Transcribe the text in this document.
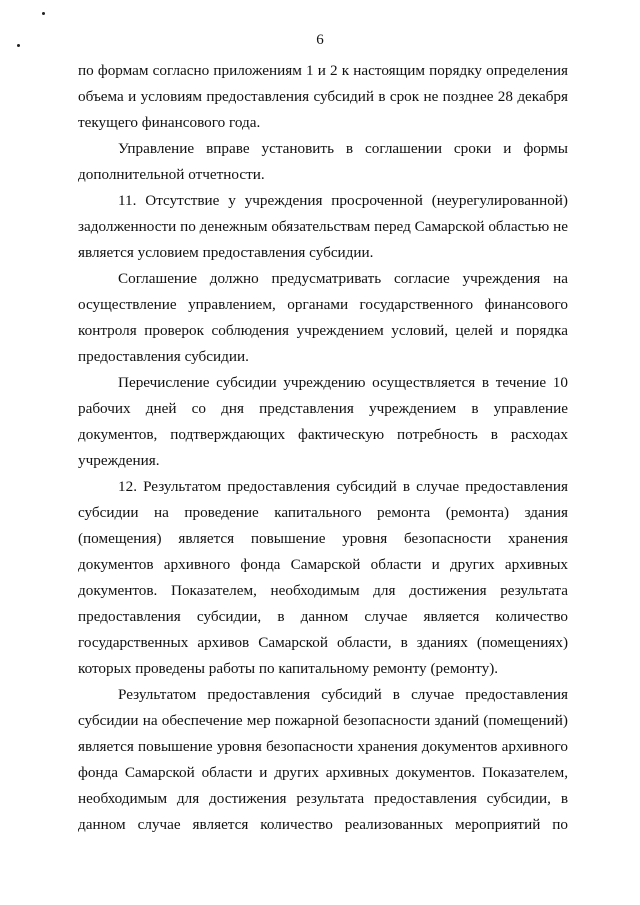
6
по формам согласно приложениям 1 и 2 к настоящим порядку определения
объема и условиям предоставления субсидий в срок не позднее 28 декабря
текущего финансового года.
Управление вправе установить в соглашении сроки и формы
дополнительной отчетности.
11. Отсутствие у учреждения просроченной (неурегулированной)
задолженности по денежным обязательствам перед Самарской областью не
является условием предоставления субсидии.
Соглашение должно предусматривать согласие учреждения на
осуществление управлением, органами государственного финансового
контроля проверок соблюдения учреждением условий, целей и порядка
предоставления субсидии.
Перечисление субсидии учреждению осуществляется в течение 10
рабочих дней со дня представления учреждением в управление
документов, подтверждающих фактическую потребность в расходах
учреждения.
12. Результатом предоставления субсидий в случае предоставления
субсидии на проведение капитального ремонта (ремонта) здания
(помещения) является повышение уровня безопасности хранения
документов архивного фонда Самарской области и других архивных
документов. Показателем, необходимым для достижения результата
предоставления субсидии, в данном случае является количество
государственных архивов Самарской области, в зданиях (помещениях)
которых проведены работы по капитальному ремонту (ремонту).
Результатом предоставления субсидий в случае предоставления
субсидии на обеспечение мер пожарной безопасности зданий (помещений)
является повышение уровня безопасности хранения документов архивного
фонда Самарской области и других архивных документов. Показателем,
необходимым для достижения результата предоставления субсидии, в
данном случае является количество реализованных мероприятий по
